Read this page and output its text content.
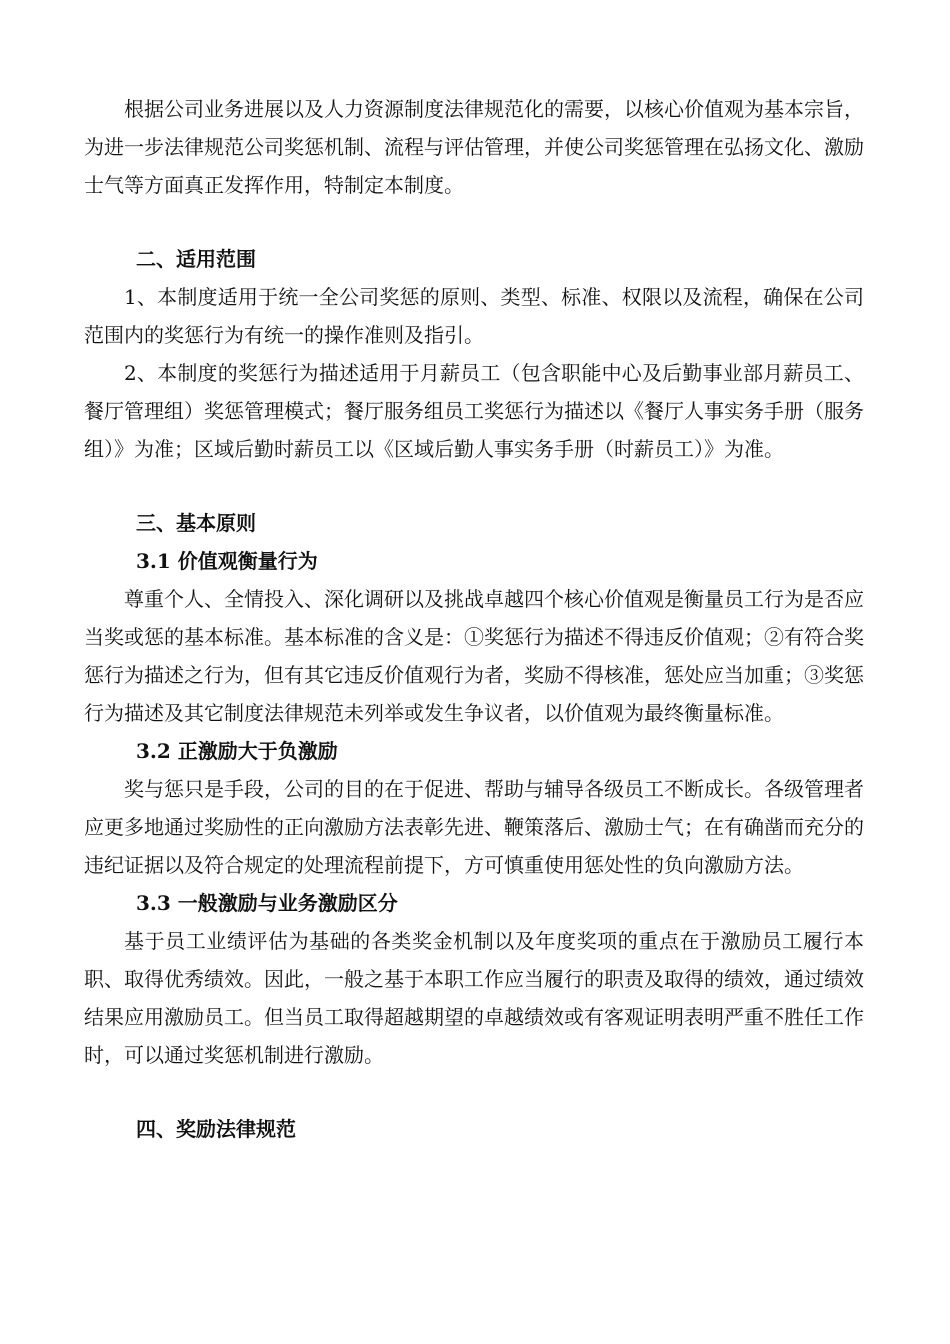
根据公司业务进展以及人力资源制度法律规范化的需要，以核心价值观为基本宗旨，为进一步法律规范公司奖惩机制、流程与评估管理，并使公司奖惩管理在弘扬文化、激励士气等方面真正发挥作用，特制定本制度。

二、适用范围

1、本制度适用于统一全公司奖惩的原则、类型、标准、权限以及流程，确保在公司范围内的奖惩行为有统一的操作准则及指引。

2、本制度的奖惩行为描述适用于月薪员工（包含职能中心及后勤事业部月薪员工、餐厅管理组）奖惩管理模式；餐厅服务组员工奖惩行为描述以《餐厅人事实务手册（服务组）》为准；区域后勤时薪员工以《区域后勤人事实务手册（时薪员工）》为准。

三、基本原则

3.1 价值观衡量行为

尊重个人、全情投入、深化调研以及挑战卓越四个核心价值观是衡量员工行为是否应当奖或惩的基本标准。基本标准的含义是：①奖惩行为描述不得违反价值观；②有符合奖惩行为描述之行为，但有其它违反价值观行为者，奖励不得核准，惩处应当加重；③奖惩行为描述及其它制度法律规范未列举或发生争议者，以价值观为最终衡量标准。

3.2 正激励大于负激励

奖与惩只是手段，公司的目的在于促进、帮助与辅导各级员工不断成长。各级管理者应更多地通过奖励性的正向激励方法表彰先进、鞭策落后、激励士气；在有确凿而充分的违纪证据以及符合规定的处理流程前提下，方可慎重使用惩处性的负向激励方法。

3.3 一般激励与业务激励区分

基于员工业绩评估为基础的各类奖金机制以及年度奖项的重点在于激励员工履行本职、取得优秀绩效。因此，一般之基于本职工作应当履行的职责及取得的绩效，通过绩效结果应用激励员工。但当员工取得超越期望的卓越绩效或有客观证明表明严重不胜任工作时，可以通过奖惩机制进行激励。

四、奖励法律规范
